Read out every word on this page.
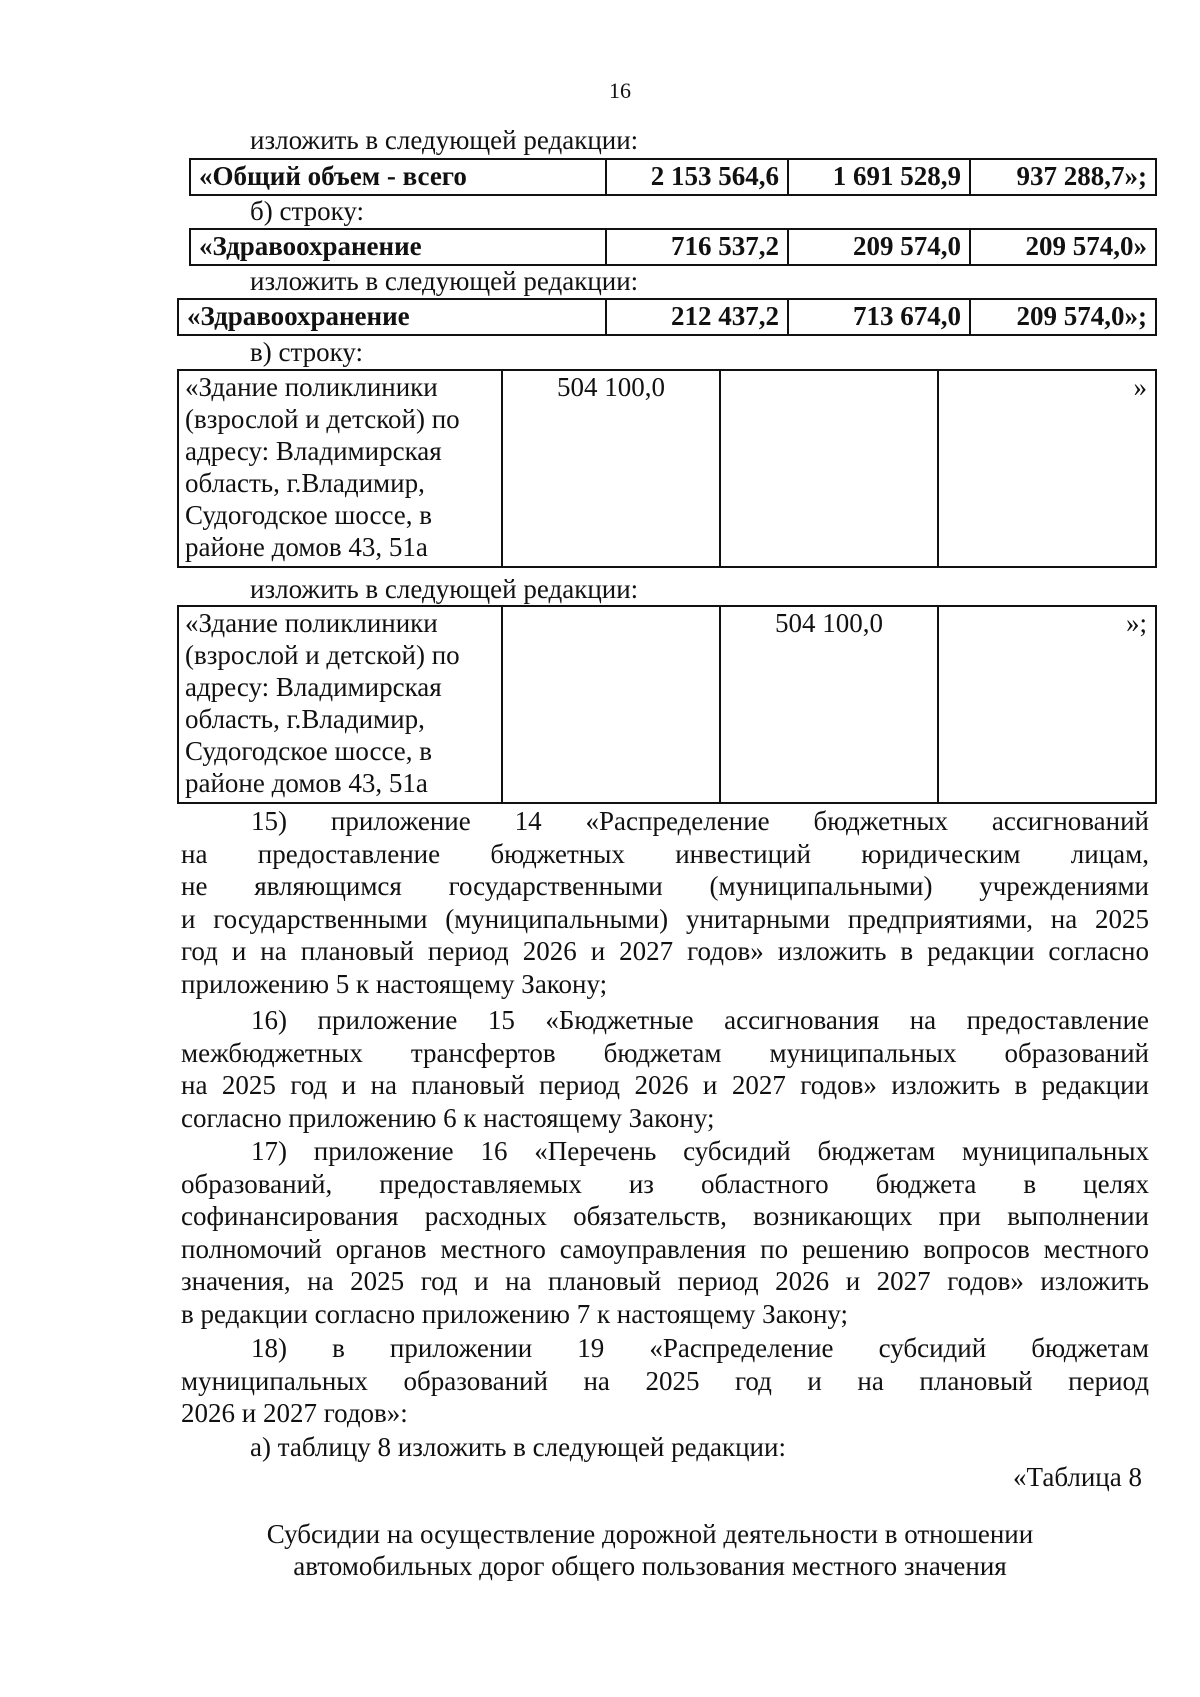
16
изложить в следующей редакции:
«Общий объем - всего	2 153 564,6	1 691 528,9	937 288,7»;
б) строку:
«Здравоохранение	716 537,2	209 574,0	209 574,0»
изложить в следующей редакции:
«Здравоохранение	212 437,2	713 674,0	209 574,0»;
в) строку:
«Здание поликлиники
(взрослой и детской) по
адресу: Владимирская
область, г.Владимир,
Судогодское шоссе, в
районе домов 43, 51а
	504 100,0		»
изложить в следующей редакции:
«Здание поликлиники
(взрослой и детской) по
адресу: Владимирская
область, г.Владимир,
Судогодское шоссе, в
районе домов 43, 51а
		504 100,0	»;

15) приложение 14 «Распределение бюджетных ассигнований

на предоставление бюджетных инвестиций юридическим лицам,

не являющимся государственными (муниципальными) учреждениями

и государственными (муниципальными) унитарными предприятиями, на 2025

год и на плановый период 2026 и 2027 годов» изложить в редакции согласно

приложению 5 к настоящему Закону;

16) приложение 15 «Бюджетные ассигнования на предоставление

межбюджетных трансфертов бюджетам муниципальных образований

на 2025 год и на плановый период 2026 и 2027 годов» изложить в редакции

согласно приложению 6 к настоящему Закону;

17) приложение 16 «Перечень субсидий бюджетам муниципальных

образований, предоставляемых из областного бюджета в целях

софинансирования расходных обязательств, возникающих при выполнении

полномочий органов местного самоуправления по решению вопросов местного

значения, на 2025 год и на плановый период 2026 и 2027 годов» изложить

в редакции согласно приложению 7 к настоящему Закону;

18) в приложении 19 «Распределение субсидий бюджетам

муниципальных образований на 2025 год и на плановый период

2026 и 2027 годов»:

а) таблицу 8 изложить в следующей редакции:
«Таблица 8
Субсидии на осуществление дорожной деятельности в отношении
автомобильных дорог общего пользования местного значения
